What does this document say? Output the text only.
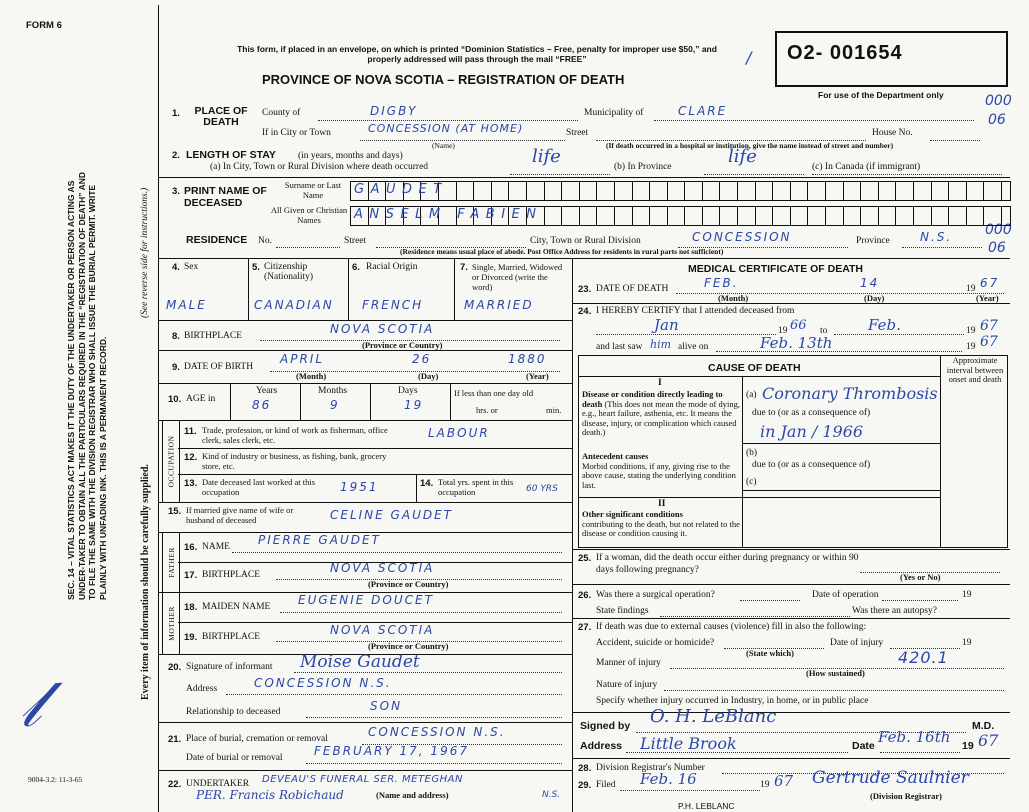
FORM 6
SEC. 14 – VITAL STATISTICS ACT MAKES IT THE DUTY OF THE UNDERTAKER OR PERSON ACTING AS UNDER-TAKER TO OBTAIN ALL THE PARTICULARS REQUIRED IN THE “REGISTRATION OF DEATH” AND TO FILE THE SAME WITH THE DIVISION REGISTRAR WHO SHALL ISSUE THE BURIAL PERMIT. WRITE PLAINLY WITH UNFADING INK. THIS IS A PERMANENT RECORD.
(See reverse side for instructions.)
Every item of information should be carefully supplied.
𝓁
9004-3.2: 11-3-65
This form, if placed in an envelope, on which is printed “Dominion Statistics – Free, penalty for improper use $50,” and properly addressed will pass through the mail “FREE”
PROVINCE OF NOVA SCOTIA – REGISTRATION OF DEATH
/ O2- 001654
For use of the Department only	000
06
000
06
1.	PLACE OF DEATH
County of	DIGBY	Municipality of	CLARE
If in City or Town	CONCESSION (AT HOME)
(Name)
Street	House No.
(If death occurred in a hospital or institution, give the name instead of street and number)
2. LENGTH OF STAY (in years, months and days)
(a) In City, Town or Rural Division where death occurred	life	(b) In Province	life	(c) In Canada (if immigrant)
3. PRINT NAME OF DECEASED
Surname or Last Name
All Given or Christian Names
GAUDET
ANSELM FABIEN
RESIDENCE No.	Street	City, Town or Rural Division	CONCESSION	Province	N.S.
(Residence means usual place of abode. Post Office Address for residents in rural parts not sufficient)
OCCUPATION
FATHER
MOTHER
4. Sex
MALE
5. Citizenship (Nationality)
CANADIAN
6. Racial Origin
FRENCH
7. Single, Married, Widowed or Divorced (write the word)
MARRIED
8. BIRTHPLACE	NOVA SCOTIA
(Province or Country)
9. DATE OF BIRTH
APRIL	26	1880
(Month)	(Day)	(Year)
10. AGE in
Years	Months	Days
86	9	19
If less than one day old
hrs. or	min.
11. Trade, profession, or kind of work as fisherman, office clerk, sales clerk, etc.	LABOUR
12. Kind of industry or business, as fishing, bank, grocery store, etc.
13. Date deceased last worked at this occupation	1951	14. Total yrs. spent in this occupation	60 YRS
15. If married give name of wife or husband of deceased	CELINE GAUDET
16. NAME PIERRE GAUDET
17. BIRTHPLACE	NOVA SCOTIA
(Province or Country)
18. MAIDEN NAME EUGENIE DOUCET
19. BIRTHPLACE	NOVA SCOTIA
(Province or Country)
20. Signature of informant Moise Gaudet
Address	CONCESSION N.S.
Relationship to deceased	SON
21. Place of burial, cremation or removal	CONCESSION N.S.
Date of burial or removal	FEBRUARY 17, 1967
22. UNDERTAKER DEVEAU'S FUNERAL SER. METEGHAN
N.S.
(Name and address)
PER. Francis Robichaud
MEDICAL CERTIFICATE OF DEATH
23. DATE OF DEATH	FEB.	14	19 67
(Month)	(Day)	(Year)
24. I HEREBY CERTIFY that I attended deceased from
Jan	19 66 to	Feb.	19 67
and last saw him alive on	Feb. 13th	19 67
CAUSE OF DEATH
Approximate interval between onset and death
I
Disease or condition directly leading to death (This does not mean the mode of dying, e.g., heart failure, asthenia, etc. It means the disease, injury, or complication which caused death.)
(a) Coronary Thrombosis
due to (or as a consequence of)
in Jan / 1966
Antecedent causes
Morbid conditions, if any, giving rise to the above cause, stating the underlying condition last.
(b)
due to (or as a consequence of)
(c)
II
Other significant conditions
contributing to the death, but not related to the disease or condition causing it.
25. If a woman, did the death occur either during pregnancy or within 90 days following pregnancy?
(Yes or No)
26. Was there a surgical operation?	Date of operation	19
State findings	Was there an autopsy?
27. If death was due to external causes (violence) fill in also the following:
Accident, suicide or homicide?
(State which)
Date of injury	19
420.1
Manner of injury
(How sustained)
Nature of injury
Specify whether injury occurred in Industry, in home, or in public place
Signed by O. H. LeBlanc	M.D.
Address Little Brook	Date Feb. 16th 19 67
28. Division Registrar's Number
29. Filed Feb. 16	19 67 Gertrude Saulnier
(Division Registrar)
P.H. LEBLANC
